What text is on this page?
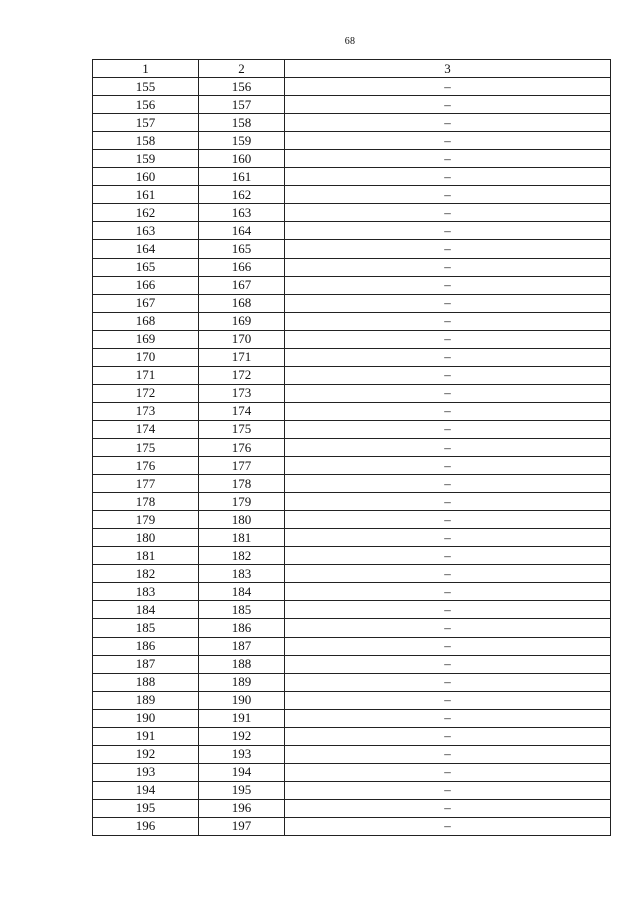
68
1	2	3
155	156	–
156	157	–
157	158	–
158	159	–
159	160	–
160	161	–
161	162	–
162	163	–
163	164	–
164	165	–
165	166	–
166	167	–
167	168	–
168	169	–
169	170	–
170	171	–
171	172	–
172	173	–
173	174	–
174	175	–
175	176	–
176	177	–
177	178	–
178	179	–
179	180	–
180	181	–
181	182	–
182	183	–
183	184	–
184	185	–
185	186	–
186	187	–
187	188	–
188	189	–
189	190	–
190	191	–
191	192	–
192	193	–
193	194	–
194	195	–
195	196	–
196	197	–
